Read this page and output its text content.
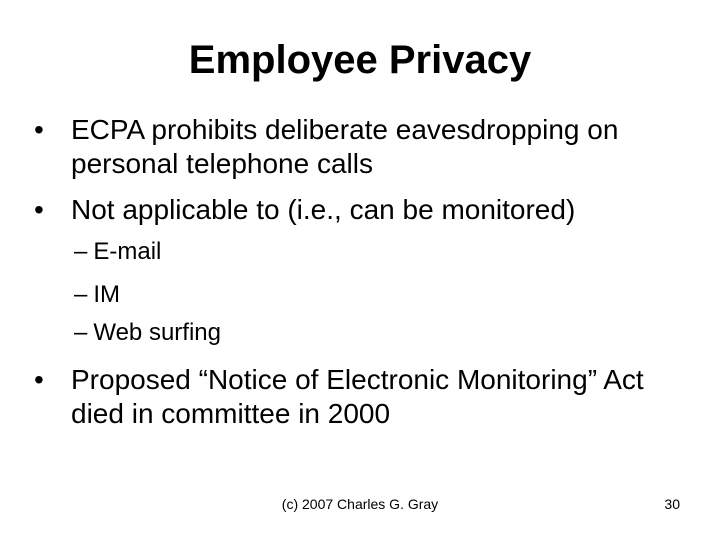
Employee Privacy
• ECPA prohibits deliberate eavesdropping on personal telephone calls
• Not applicable to (i.e., can be monitored)
– E-mail
– IM
– Web surfing
• Proposed “Notice of Electronic Monitoring” Act died in committee in 2000
(c) 2007 Charles G. Gray	30
